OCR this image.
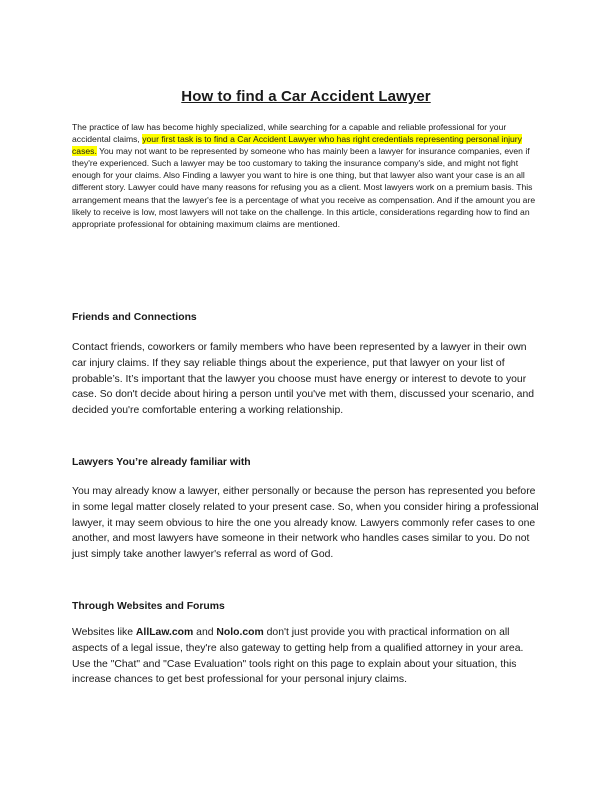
How to find a Car Accident Lawyer

The practice of law has become highly specialized, while searching for a capable and reliable professional for your accidental claims, your first task is to find a Car Accident Lawyer who has right credentials representing personal injury cases. You may not want to be represented by someone who has mainly been a lawyer for insurance companies, even if they're experienced. Such a lawyer may be too customary to taking the insurance company's side, and might not fight enough for your claims. Also Finding a lawyer you want to hire is one thing, but that lawyer also want your case is an all different story. Lawyer could have many reasons for refusing you as a client. Most lawyers work on a premium basis. This arrangement means that the lawyer's fee is a percentage of what you receive as compensation. And if the amount you are likely to receive is low, most lawyers will not take on the challenge. In this article, considerations regarding how to find an appropriate professional for obtaining maximum claims are mentioned.

Friends and Connections

Contact friends, coworkers or family members who have been represented by a lawyer in their own car injury claims. If they say reliable things about the experience, put that lawyer on your list of probable’s. It’s important that the lawyer you choose must have energy or interest to devote to your case. So don't decide about hiring a person until you've met with them, discussed your scenario, and decided you're comfortable entering a working relationship.

Lawyers You’re already familiar with

You may already know a lawyer, either personally or because the person has represented you before in some legal matter closely related to your present case. So, when you consider hiring a professional lawyer, it may seem obvious to hire the one you already know. Lawyers commonly refer cases to one another, and most lawyers have someone in their network who handles cases similar to you. Do not just simply take another lawyer's referral as word of God.

Through Websites and Forums

Websites like AllLaw.com and Nolo.com don't just provide you with practical information on all aspects of a legal issue, they're also gateway to getting help from a qualified attorney in your area. Use the "Chat" and "Case Evaluation" tools right on this page to explain about your situation, this increase chances to get best professional for your personal injury claims.
